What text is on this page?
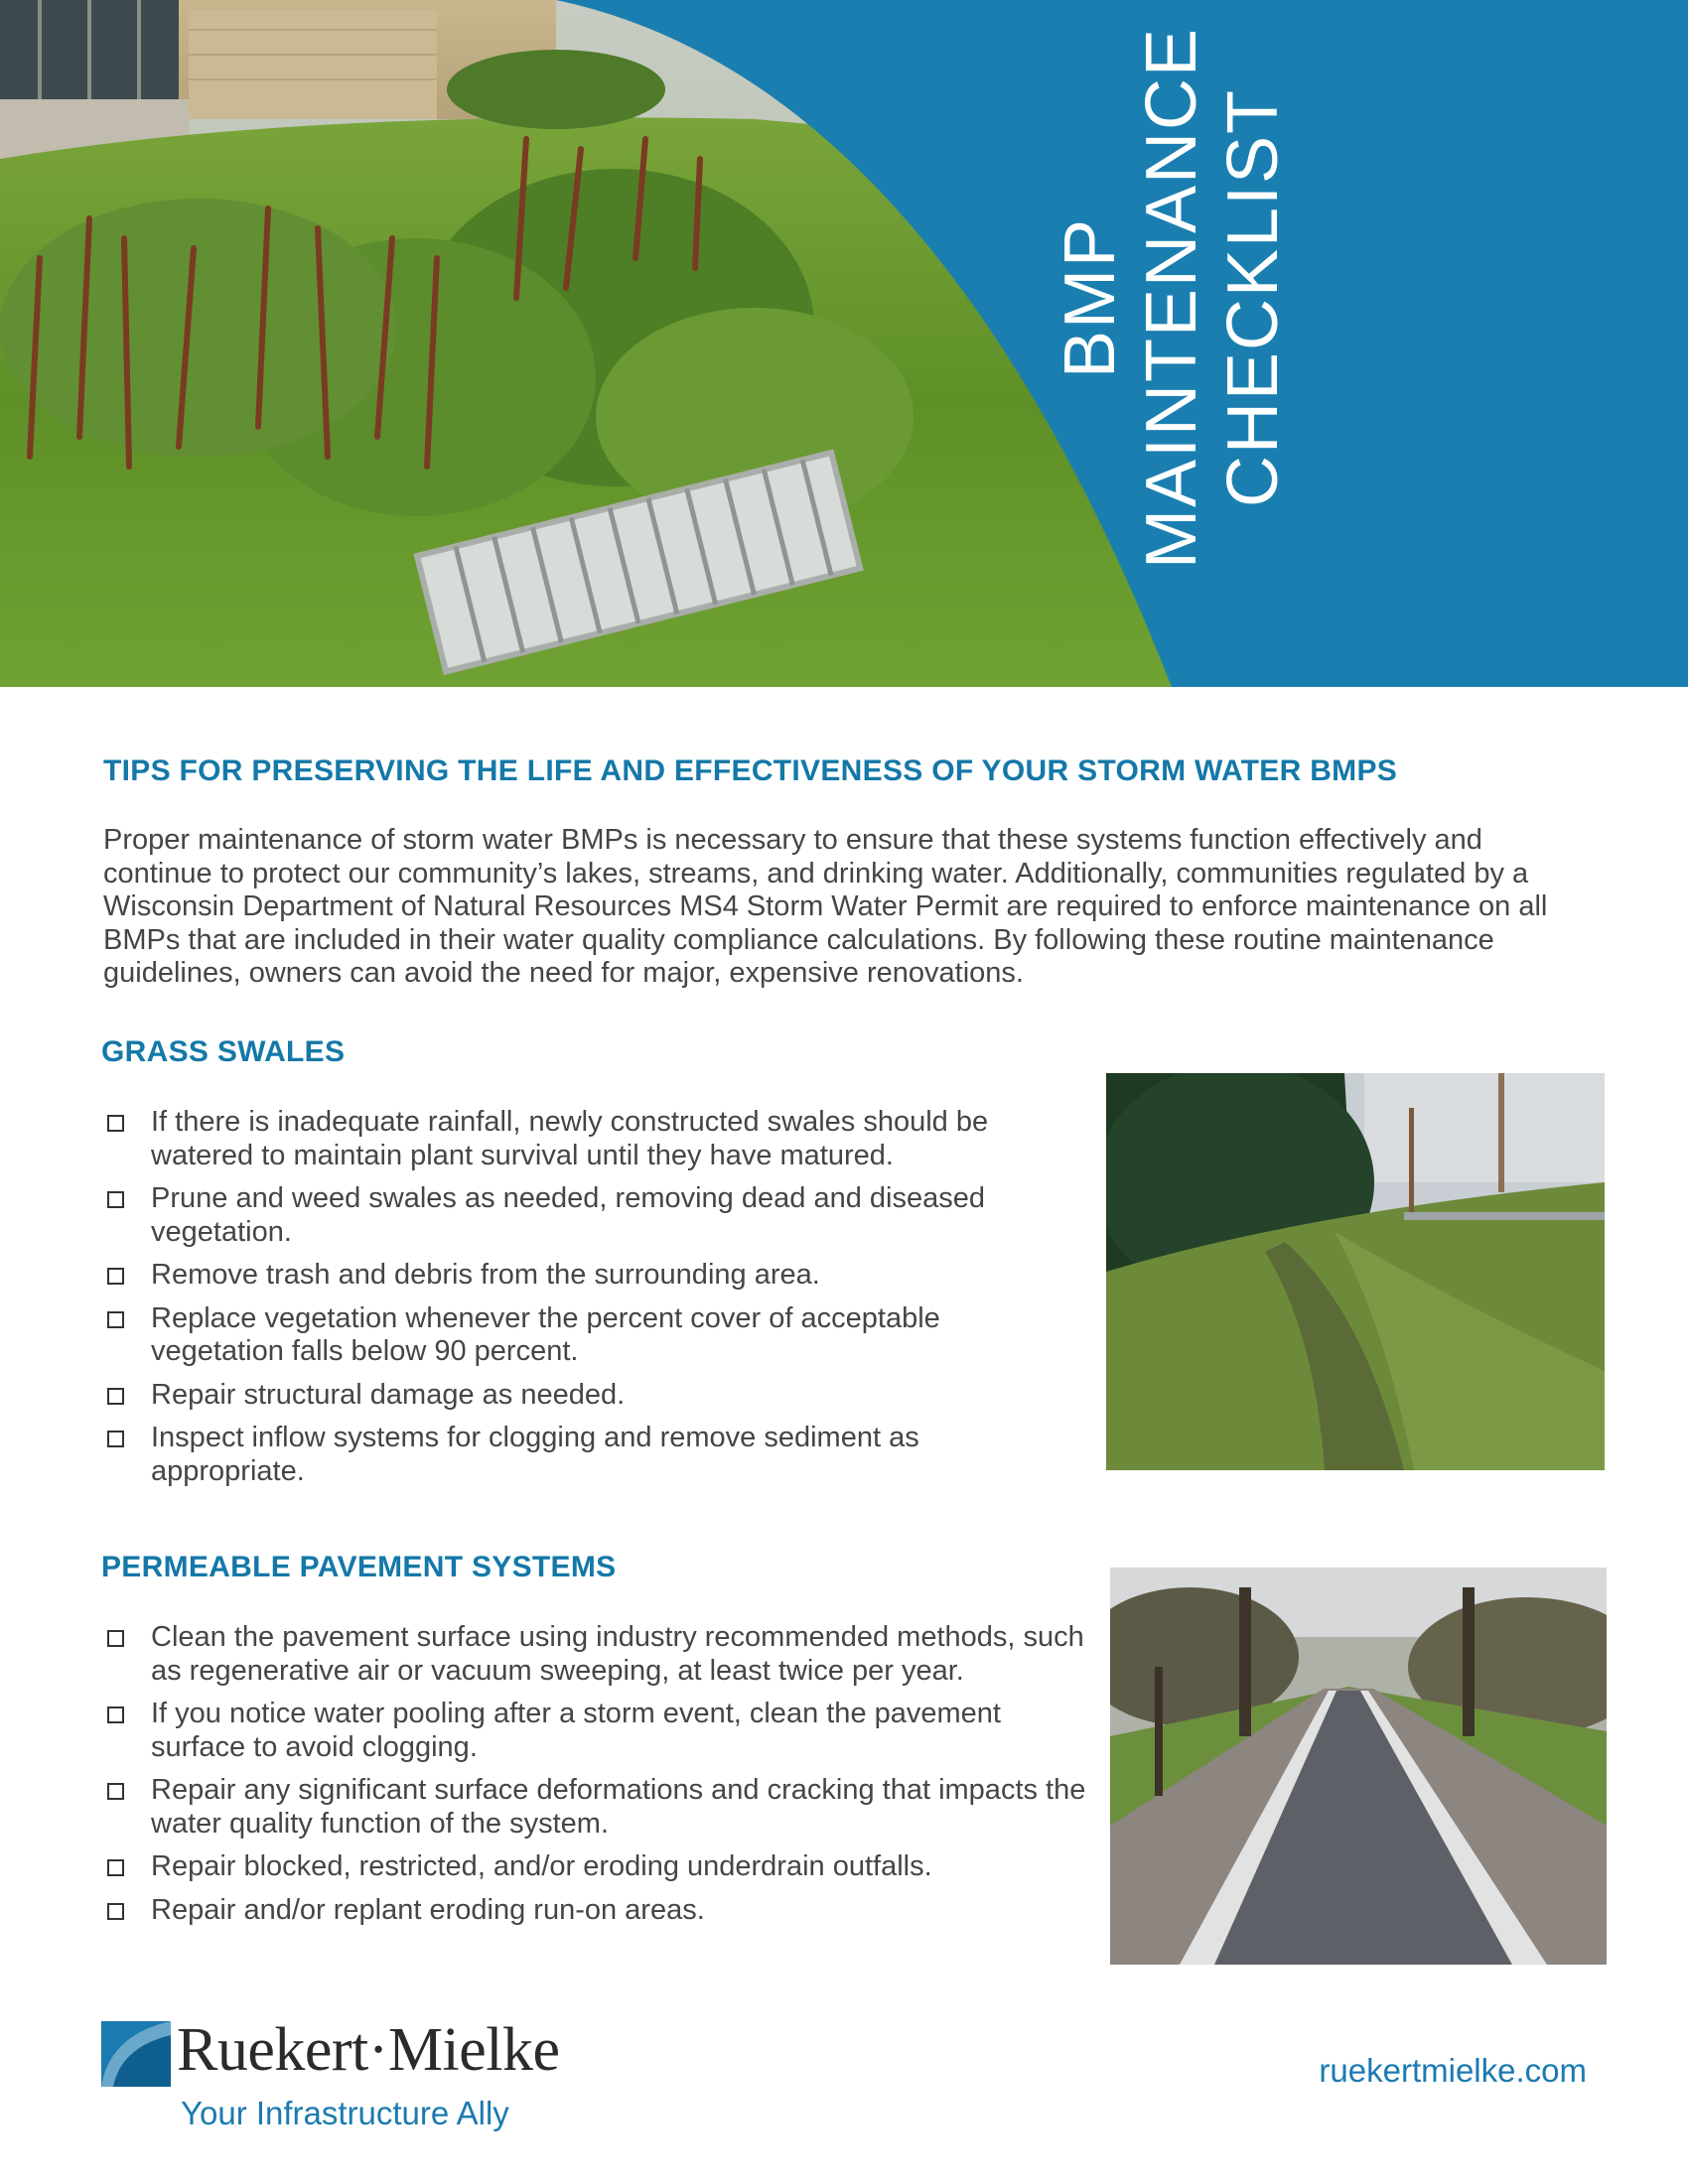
BMP MAINTENANCE CHECKLIST
TIPS FOR PRESERVING THE LIFE AND EFFECTIVENESS OF YOUR STORM WATER BMPS
Proper maintenance of storm water BMPs is necessary to ensure that these systems function effectively and continue to protect our community’s lakes, streams, and drinking water. Additionally, communities regulated by a Wisconsin Department of Natural Resources MS4 Storm Water Permit are required to enforce maintenance on all BMPs that are included in their water quality compliance calculations. By following these routine maintenance guidelines, owners can avoid the need for major, expensive renovations.
GRASS SWALES
If there is inadequate rainfall, newly constructed swales should be watered to maintain plant survival until they have matured.
Prune and weed swales as needed, removing dead and diseased vegetation.
Remove trash and debris from the surrounding area.
Replace vegetation whenever the percent cover of acceptable vegetation falls below 90 percent.
Repair structural damage as needed.
Inspect inflow systems for clogging and remove sediment as appropriate.
PERMEABLE PAVEMENT SYSTEMS
Clean the pavement surface using industry recommended methods, such as regenerative air or vacuum sweeping, at least twice per year.
If you notice water pooling after a storm event, clean the pavement surface to avoid clogging.
Repair any significant surface deformations and cracking that impacts the water quality function of the system.
Repair blocked, restricted, and/or eroding underdrain outfalls.
Repair and/or replant eroding run-on areas.
Ruekert·Mielke
Your Infrastructure Ally
ruekertmielke.com
